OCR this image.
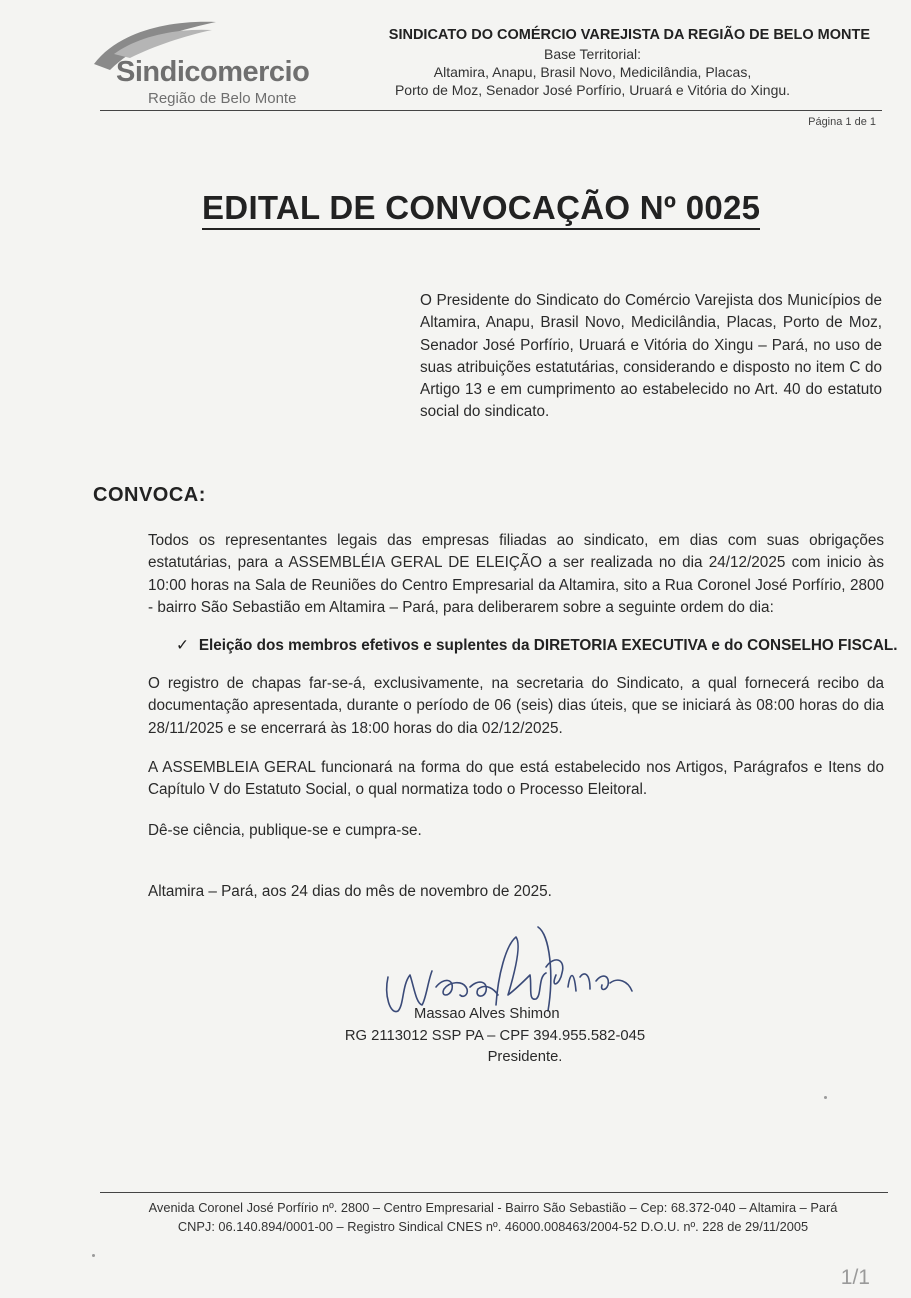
Sindicomercio
Região de Belo Monte
SINDICATO DO COMÉRCIO VAREJISTA DA REGIÃO DE BELO MONTE
Base Territorial:
Altamira, Anapu, Brasil Novo, Medicilândia, Placas,
Porto de Moz, Senador José Porfírio, Uruará e Vitória do Xingu.
Página 1 de 1
EDITAL DE CONVOCAÇÃO Nº 0025
O Presidente do Sindicato do Comércio Varejista dos Municípios de Altamira, Anapu, Brasil Novo, Medicilândia, Placas, Porto de Moz, Senador José Porfírio, Uruará e Vitória do Xingu – Pará, no uso de suas atribuições estatutárias, considerando e disposto no item C do Artigo 13 e em cumprimento ao estabelecido no Art. 40 do estatuto social do sindicato.
CONVOCA:
Todos os representantes legais das empresas filiadas ao sindicato, em dias com suas obrigações estatutárias, para a ASSEMBLÉIA GERAL DE ELEIÇÃO a ser realizada no dia 24/12/2025 com inicio às 10:00 horas na Sala de Reuniões do Centro Empresarial da Altamira, sito a Rua Coronel José Porfírio, 2800 - bairro São Sebastião em Altamira – Pará, para deliberarem sobre a seguinte ordem do dia:
✓ Eleição dos membros efetivos e suplentes da DIRETORIA EXECUTIVA e do CONSELHO FISCAL.
O registro de chapas far-se-á, exclusivamente, na secretaria do Sindicato, a qual fornecerá recibo da documentação apresentada, durante o período de 06 (seis) dias úteis, que se iniciará às 08:00 horas do dia 28/11/2025 e se encerrará às 18:00 horas do dia 02/12/2025.
A ASSEMBLEIA GERAL funcionará na forma do que está estabelecido nos Artigos, Parágrafos e Itens do Capítulo V do Estatuto Social, o qual normatiza todo o Processo Eleitoral.
Dê-se ciência, publique-se e cumpra-se.
Altamira – Pará, aos 24 dias do mês de novembro de 2025.
Massao Alves Shimon
RG 2113012 SSP PA – CPF 394.955.582-045
Presidente.
Avenida Coronel José Porfírio nº. 2800 – Centro Empresarial - Bairro São Sebastião – Cep: 68.372-040 – Altamira – Pará
CNPJ: 06.140.894/0001-00 – Registro Sindical CNES nº. 46000.008463/2004-52 D.O.U. nº. 228 de 29/11/2005
1/1
